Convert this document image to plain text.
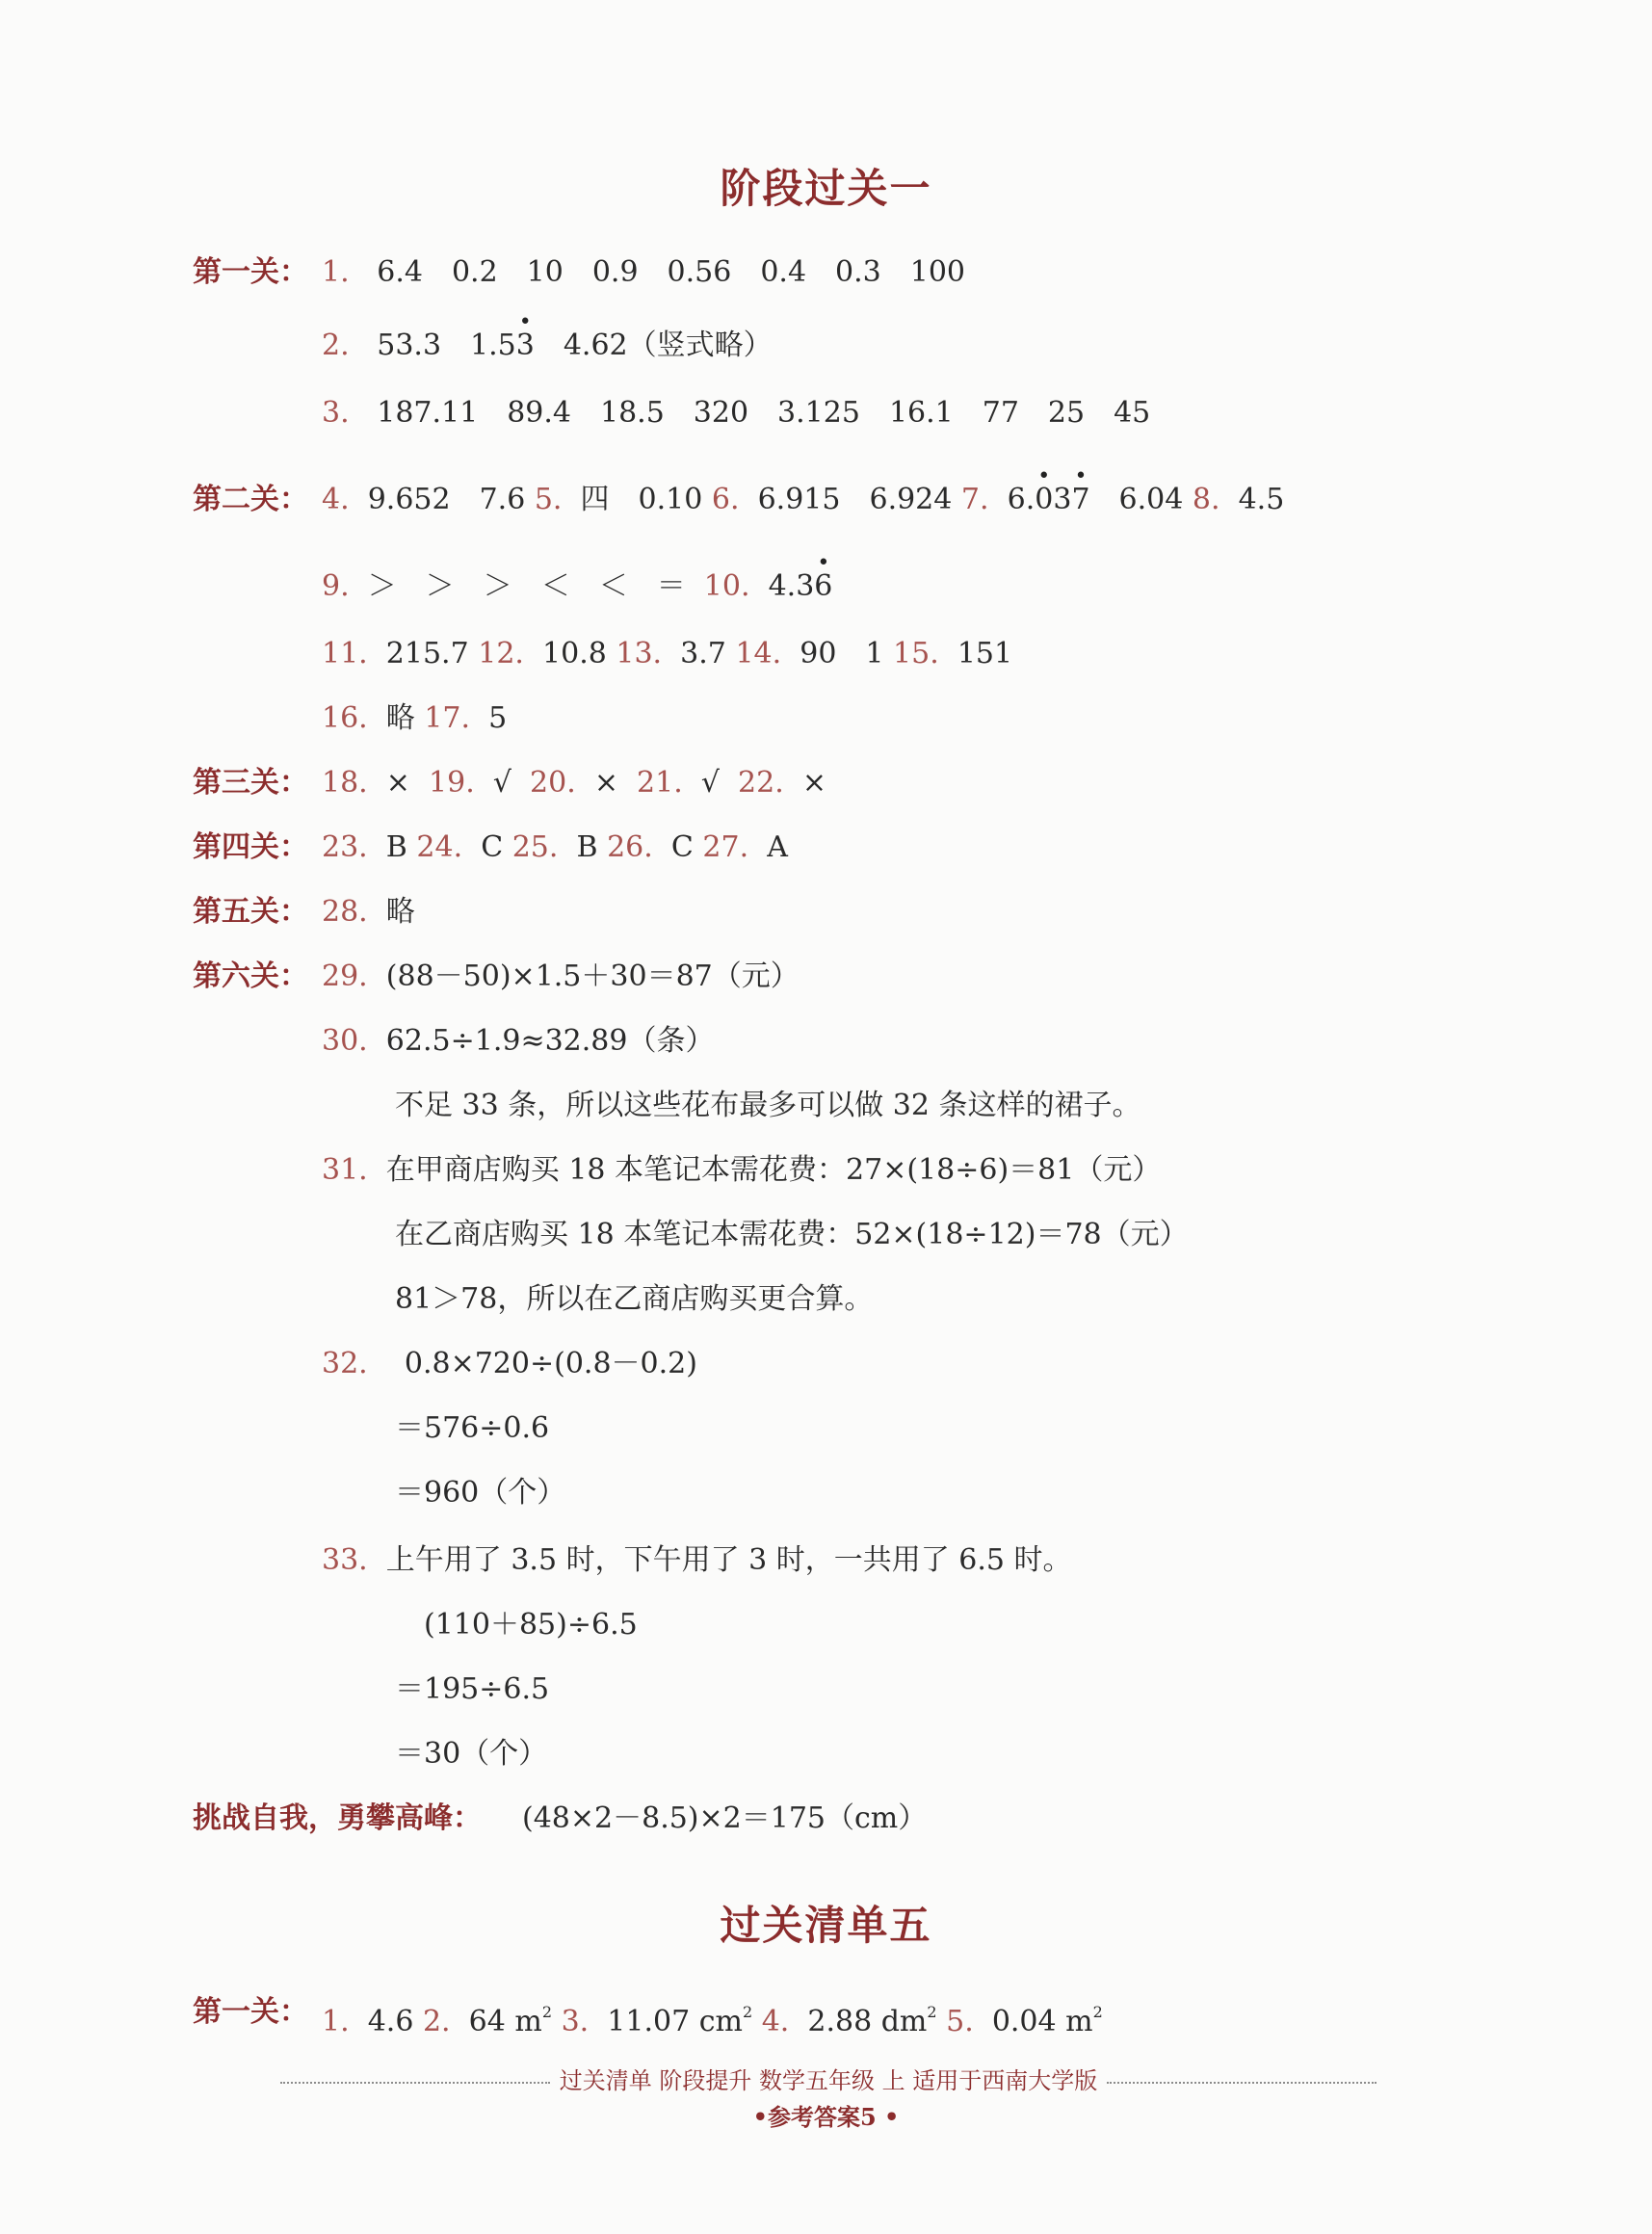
阶段过关一
第一关： 1. 6.4　0.2　10　0.9　0.56　0.4　0.3　100
2. 53.3　1.5• 3　4.62（竖式略）
3. 187.11　89.4　18.5　320　3.125　16.1　77　25　45
第二关： 4. 9.652　7.6 5. 四　0.10 6. 6.915　6.924 7. 6.• 03• 7　6.04 8. 4.5
9. ＞　＞　＞　＜　＜　＝ 10. 4.3• 6
11. 215.7 12. 10.8 13. 3.7 14. 90　1 15. 151
16. 略 17. 5
第三关： 18. × 19. √ 20. × 21. √ 22. ×
第四关： 23. B 24. C 25. B 26. C 27. A
第五关： 28. 略
第六关： 29. (88－50)×1.5＋30＝87（元）
30. 62.5÷1.9≈32.89（条）
不足 33 条，所以这些花布最多可以做 32 条这样的裙子。
31. 在甲商店购买 18 本笔记本需花费：27×(18÷6)＝81（元）
在乙商店购买 18 本笔记本需花费：52×(18÷12)＝78（元）
81＞78，所以在乙商店购买更合算。
32. 0.8×720÷(0.8－0.2)
＝576÷0.6
＝960（个）
33. 上午用了 3.5 时，下午用了 3 时，一共用了 6.5 时。
(110＋85)÷6.5
＝195÷6.5
＝30（个）
挑战自我，勇攀高峰： (48×2－8.5)×2＝175（cm）
过关清单五
第一关： 1. 4.6 2. 64 $m^2$ 3. 11.07 $cm^2$ 4. 2.88 $dm^2$ 5. 0.04 $m^2$
过关清单 阶段提升 数学五年级 上 适用于西南大学版
•参考答案5 •
